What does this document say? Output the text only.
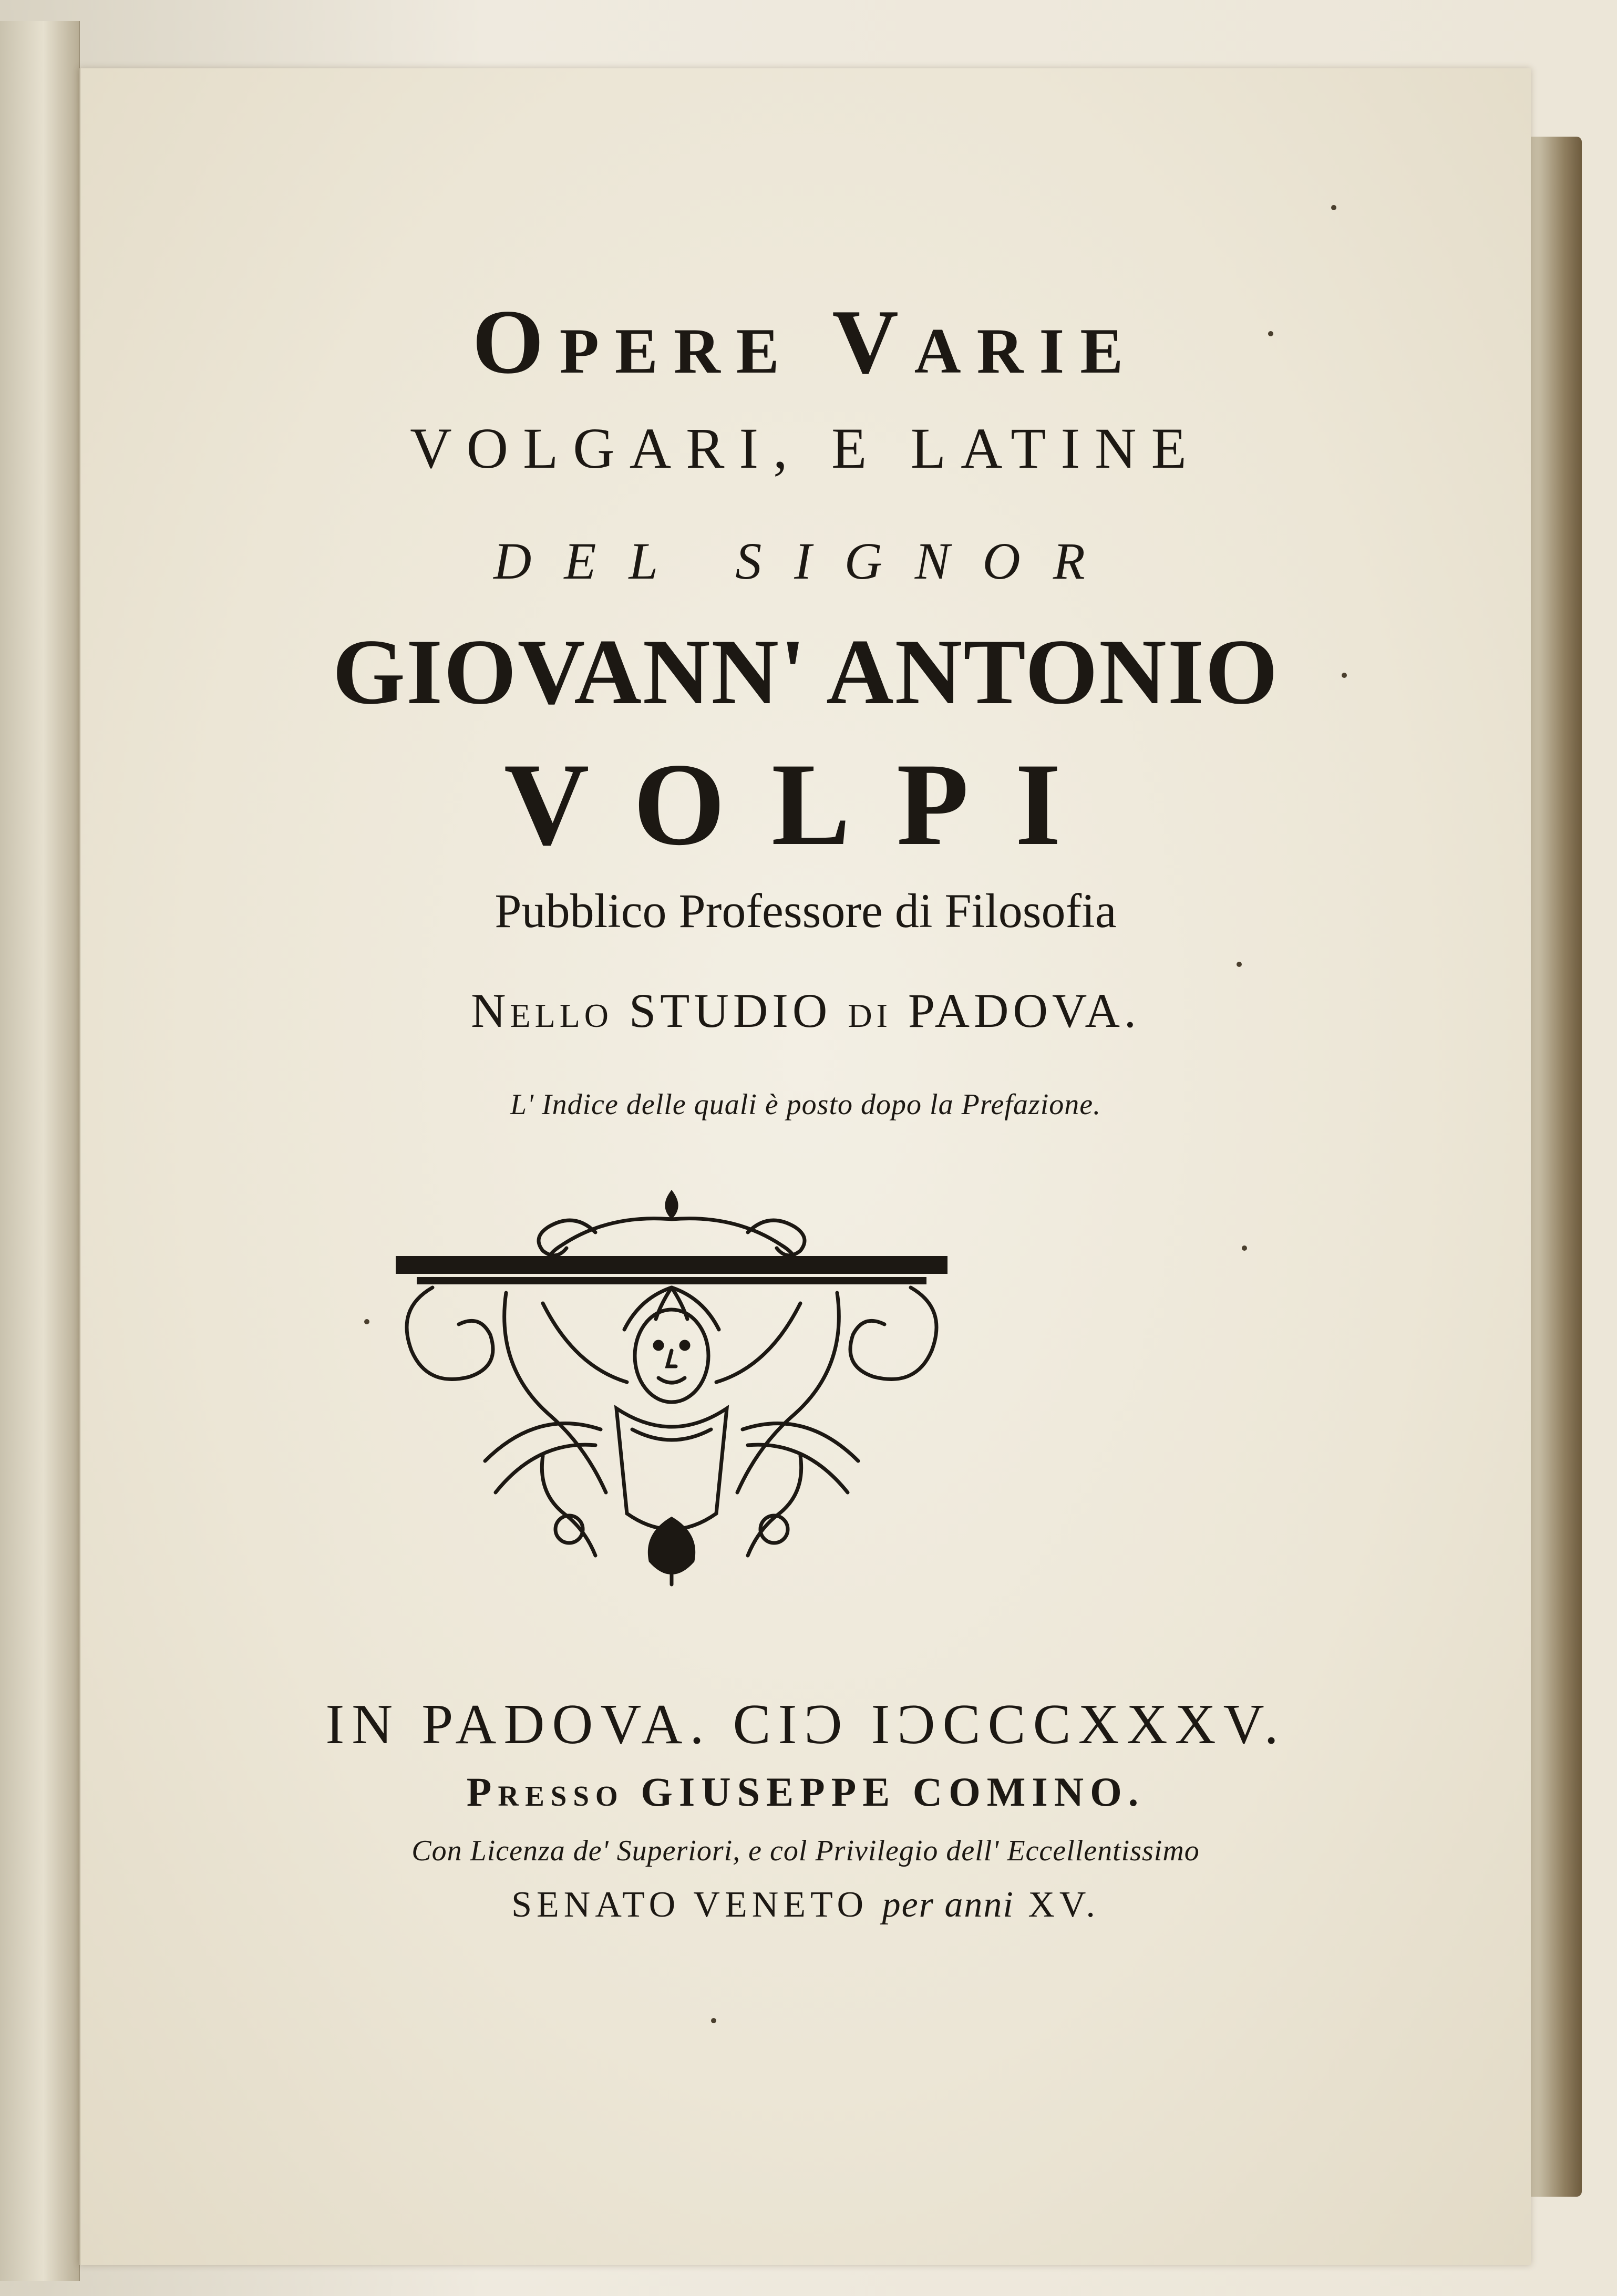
Opere Varie
VOLGARI, E LATINE
DEL SIGNOR
GIOVANN' ANTONIO
VOLPI
Pubblico Professore di Filosofia
Nello STUDIO di PADOVA.
L' Indice delle quali è posto dopo la Prefazione.
IN PADOVA. CIϽ IϽCCCXXXV.
Presso GIUSEPPE COMINO.
Con Licenza de' Superiori, e col Privilegio dell' Eccellentissimo
SENATO VENETO per anni XV.
